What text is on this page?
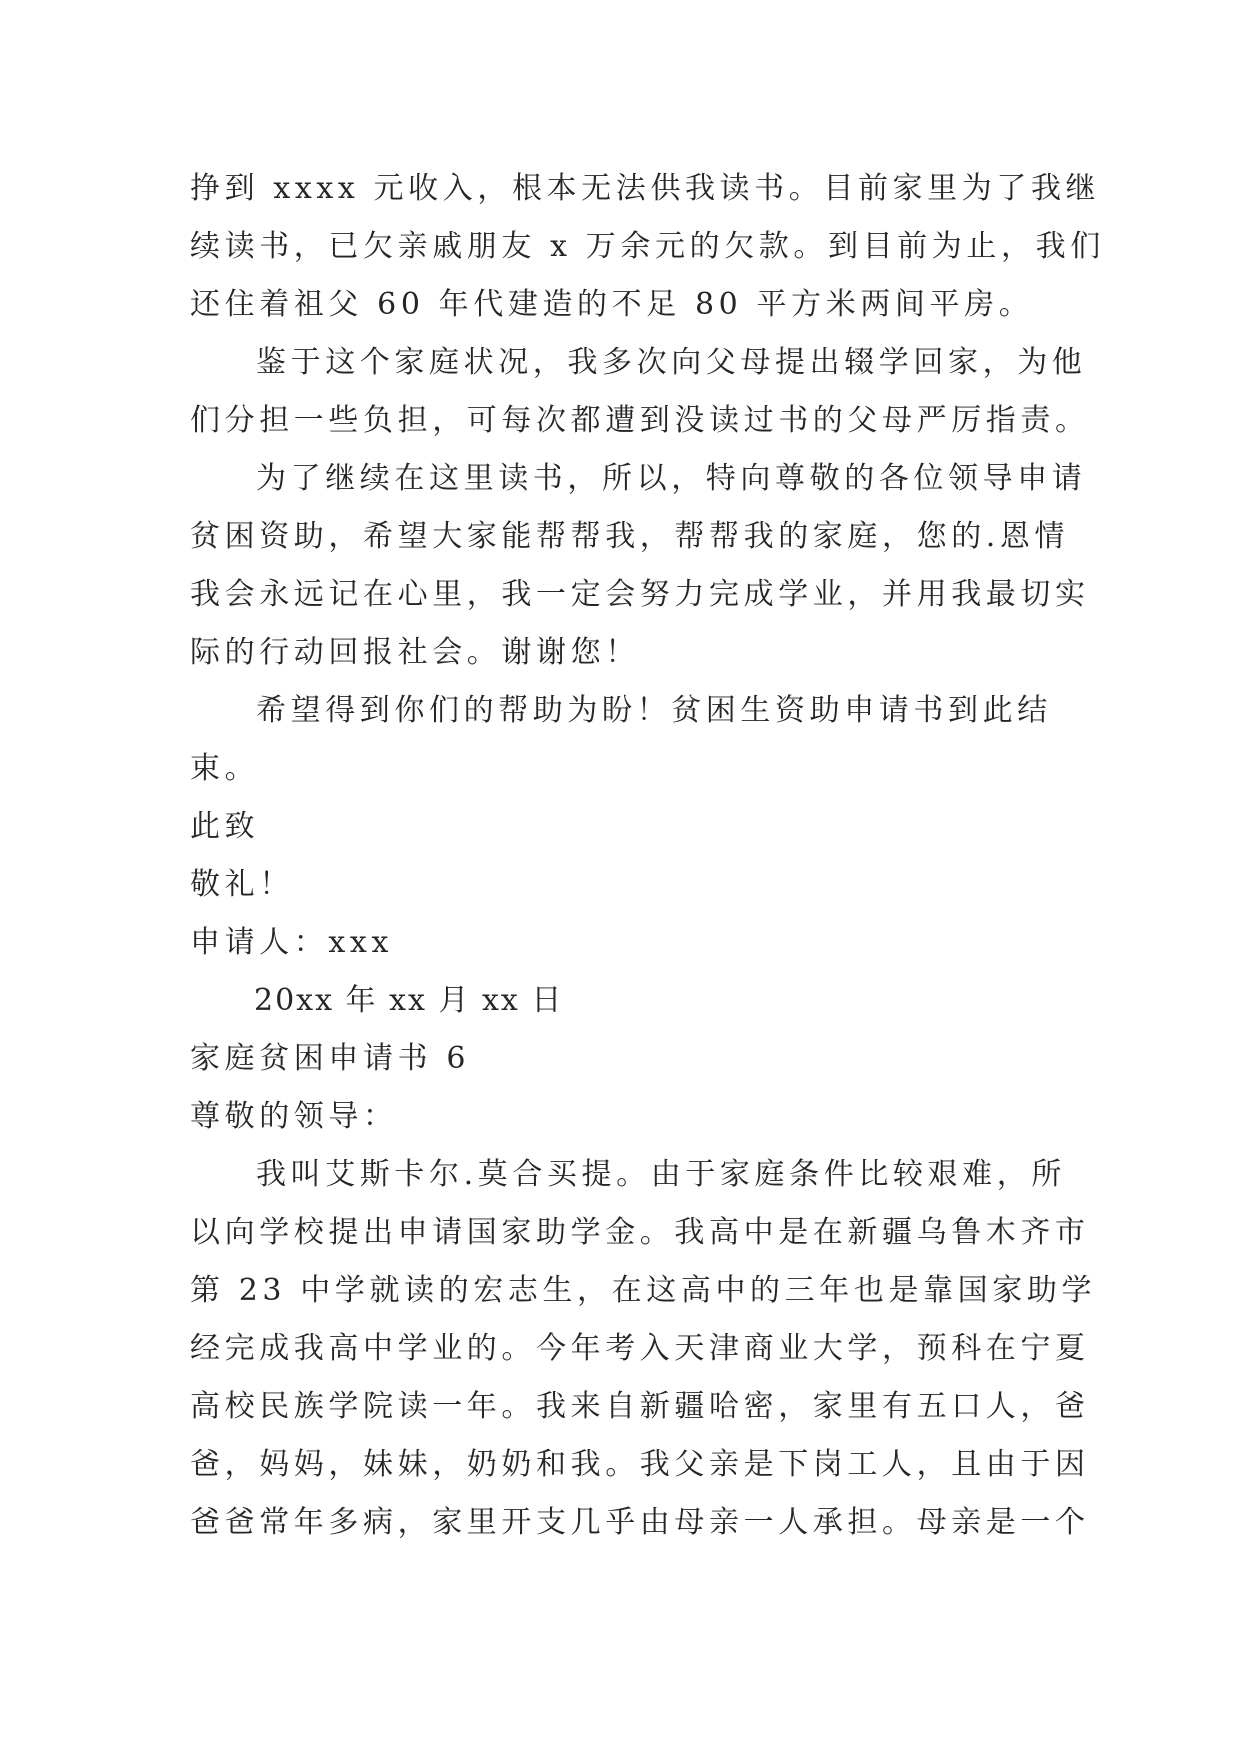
挣到 xxxx 元收入，根本无法供我读书。目前家里为了我继
续读书，已欠亲戚朋友 x 万余元的欠款。到目前为止，我们
还住着祖父 60 年代建造的不足 80 平方米两间平房。
鉴于这个家庭状况，我多次向父母提出辍学回家，为他
们分担一些负担，可每次都遭到没读过书的父母严厉指责。
为了继续在这里读书，所以，特向尊敬的各位领导申请
贫困资助，希望大家能帮帮我，帮帮我的家庭，您的.恩情
我会永远记在心里，我一定会努力完成学业，并用我最切实
际的行动回报社会。谢谢您！
希望得到你们的帮助为盼！贫困生资助申请书到此结
束。
此致
敬礼！
申请人：xxx
20xx 年 xx 月 xx 日
家庭贫困申请书 6
尊敬的领导：
我叫艾斯卡尔.莫合买提。由于家庭条件比较艰难，所
以向学校提出申请国家助学金。我高中是在新疆乌鲁木齐市
第 23 中学就读的宏志生，在这高中的三年也是靠国家助学
经完成我高中学业的。今年考入天津商业大学，预科在宁夏
高校民族学院读一年。我来自新疆哈密，家里有五口人，爸
爸，妈妈，妹妹，奶奶和我。我父亲是下岗工人，且由于因
爸爸常年多病，家里开支几乎由母亲一人承担。母亲是一个
